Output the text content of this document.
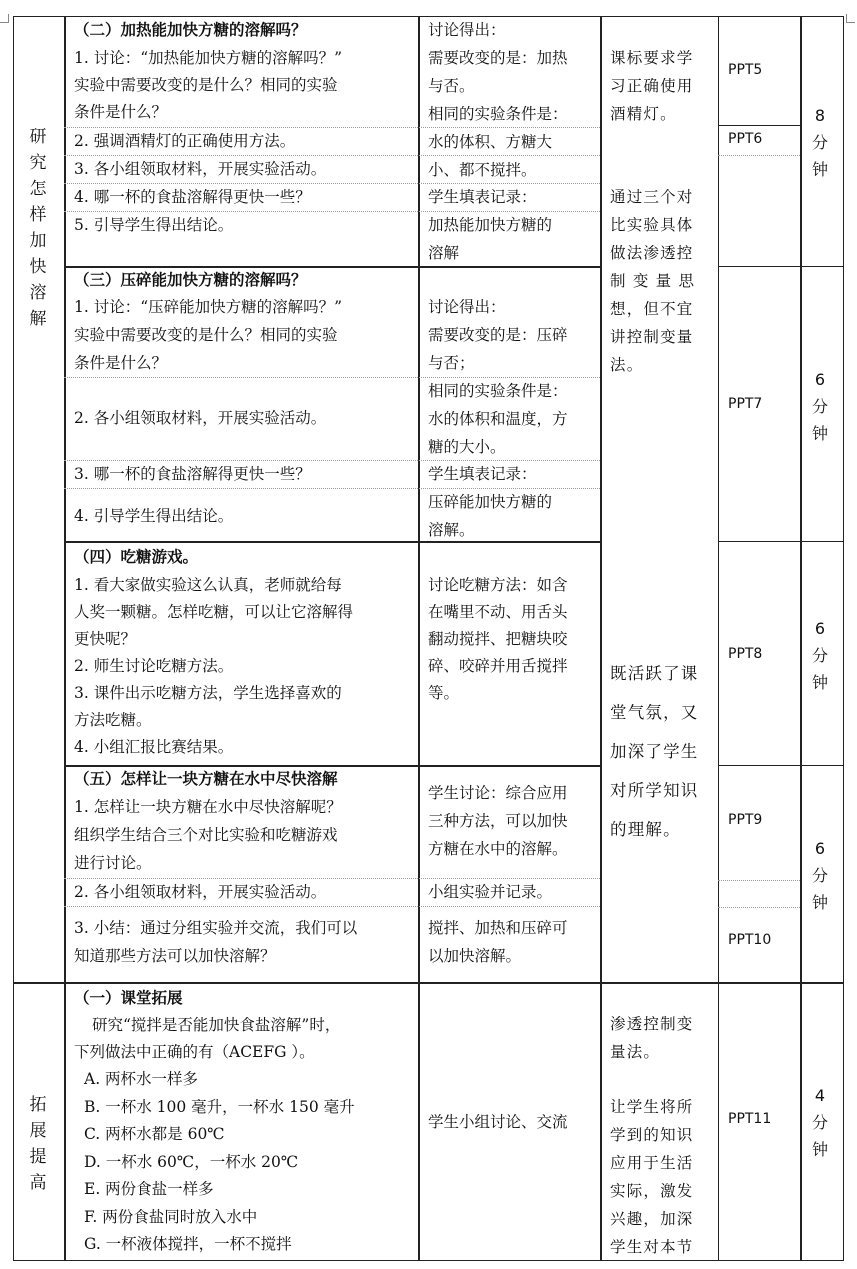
研究怎样加快溶解
拓展提高
（二）加热能加快方糖的溶解吗？
1. 讨论：“加热能加快方糖的溶解吗？”
实验中需要改变的是什么？相同的实验
条件是什么？
2. 强调酒精灯的正确使用方法。
3. 各小组领取材料，开展实验活动。
4. 哪一杯的食盐溶解得更快一些？
5. 引导学生得出结论。
讨论得出：
需要改变的是：加热
与否。
相同的实验条件是：
水的体积、方糖大
小、都不搅拌。
学生填表记录：
加热能加快方糖的
溶解
课标要求学
习正确使用
酒精灯。
通过三个对
比实验具体
做法渗透控
制 变 量 思
想，但不宜
讲控制变量
法。
（三）压碎能加快方糖的溶解吗？
1. 讨论：“压碎能加快方糖的溶解吗？”
实验中需要改变的是什么？相同的实验
条件是什么？
2. 各小组领取材料，开展实验活动。
3. 哪一杯的食盐溶解得更快一些？
4. 引导学生得出结论。
讨论得出：
需要改变的是：压碎
与否；
相同的实验条件是：
水的体积和温度，方
糖的大小。
学生填表记录：
压碎能加快方糖的
溶解。
（四）吃糖游戏。
1. 看大家做实验这么认真，老师就给每
人奖一颗糖。怎样吃糖，可以让它溶解得
更快呢？
2. 师生讨论吃糖方法。
3. 课件出示吃糖方法，学生选择喜欢的
方法吃糖。
4. 小组汇报比赛结果。
讨论吃糖方法：如含
在嘴里不动、用舌头
翻动搅拌、把糖块咬
碎、咬碎并用舌搅拌
等。
既活跃了课
堂气氛，又
加深了学生
对所学知识
的理解。
（五）怎样让一块方糖在水中尽快溶解
1. 怎样让一块方糖在水中尽快溶解呢？
组织学生结合三个对比实验和吃糖游戏
进行讨论。
2. 各小组领取材料，开展实验活动。
3. 小结：通过分组实验并交流，我们可以
知道那些方法可以加快溶解？
学生讨论：综合应用
三种方法，可以加快
方糖在水中的溶解。
小组实验并记录。
搅拌、加热和压碎可
以加快溶解。
（一）课堂拓展
研究“搅拌是否能加快食盐溶解”时，
下列做法中正确的有（ACEFG ）。
A. 两杯水一样多
B. 一杯水 100 毫升，一杯水 150 毫升
C. 两杯水都是 60℃
D. 一杯水 60℃，一杯水 20℃
E. 两份食盐一样多
F. 两份食盐同时放入水中
G. 一杯液体搅拌，一杯不搅拌
学生小组讨论、交流
渗透控制变
量法。
让学生将所
学到的知识
应用于生活
实际，激发
兴趣，加深
学生对本节
PPT5
PPT6
PPT7
PPT8
PPT9
PPT10
PPT11
8分钟
6分钟
6分钟
6分钟
4分钟
